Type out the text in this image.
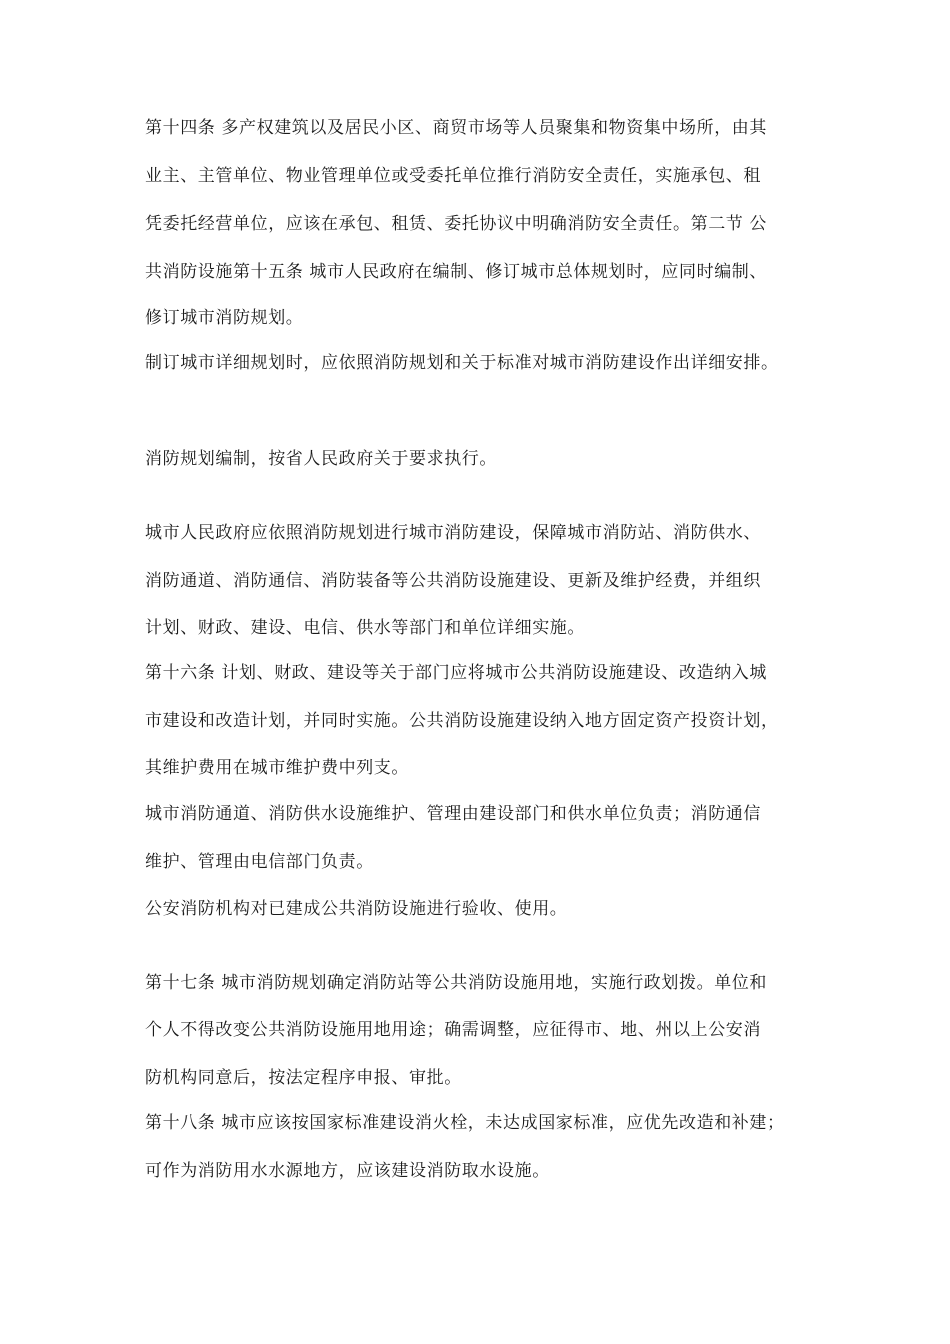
第十四条 多产权建筑以及居民小区、商贸市场等人员聚集和物资集中场所，由其
业主、主管单位、物业管理单位或受委托单位推行消防安全责任，实施承包、租
凭委托经营单位，应该在承包、租赁、委托协议中明确消防安全责任。第二节 公
共消防设施第十五条 城市人民政府在编制、修订城市总体规划时，应同时编制、
修订城市消防规划。
制订城市详细规划时，应依照消防规划和关于标准对城市消防建设作出详细安排。
消防规划编制，按省人民政府关于要求执行。
城市人民政府应依照消防规划进行城市消防建设，保障城市消防站、消防供水、
消防通道、消防通信、消防装备等公共消防设施建设、更新及维护经费，并组织
计划、财政、建设、电信、供水等部门和单位详细实施。
第十六条 计划、财政、建设等关于部门应将城市公共消防设施建设、改造纳入城
市建设和改造计划，并同时实施。公共消防设施建设纳入地方固定资产投资计划，
其维护费用在城市维护费中列支。
城市消防通道、消防供水设施维护、管理由建设部门和供水单位负责；消防通信
维护、管理由电信部门负责。
公安消防机构对已建成公共消防设施进行验收、使用。
第十七条 城市消防规划确定消防站等公共消防设施用地，实施行政划拨。单位和
个人不得改变公共消防设施用地用途；确需调整，应征得市、地、州以上公安消
防机构同意后，按法定程序申报、审批。
第十八条 城市应该按国家标准建设消火栓，未达成国家标准，应优先改造和补建；
可作为消防用水水源地方，应该建设消防取水设施。
